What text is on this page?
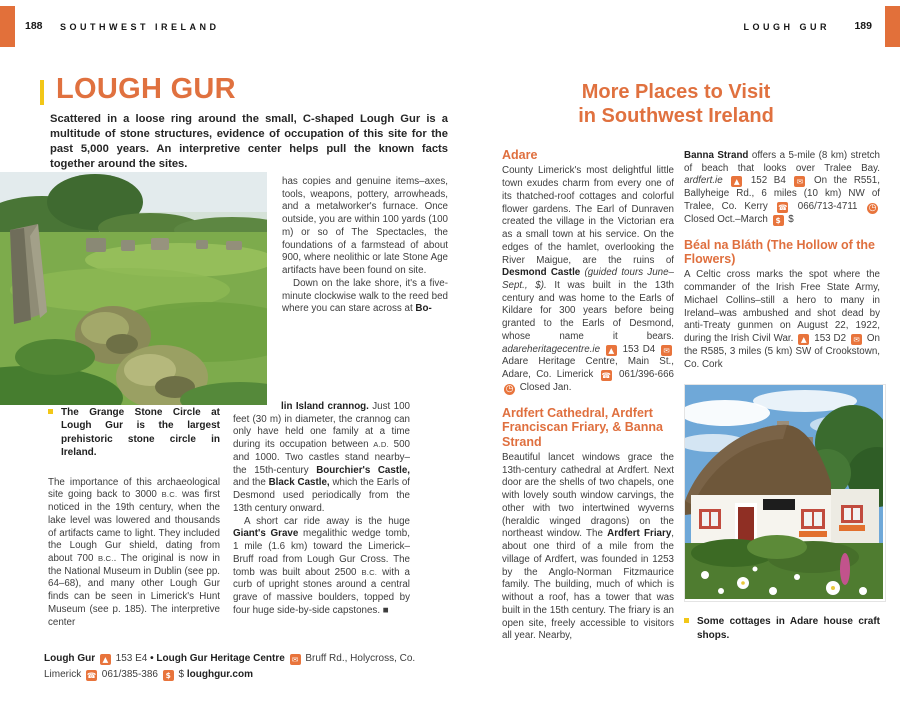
188 SOUTHWEST IRELAND	LOUGH GUR 189
LOUGH GUR

Scattered in a loose ring around the small, C-shaped Lough Gur is a multitude of stone structures, evidence of occupation of this site for the past 5,000 years. An interpretive center helps pull the known facts together around the sites.

has copies and genuine items–axes, tools, weapons, pottery, arrowheads, and a metalworker's furnace. Once outside, you are within 100 yards (100 m) or so of The Spectacles, the foundations of a farmstead of about 900, where neolithic or late Stone Age artifacts have been found on site.

Down on the lake shore, it's a five-minute clockwise walk to the reed bed where you can stare across at Bo-

The Grange Stone Circle at Lough Gur is the largest prehistoric stone circle in Ireland.

The importance of this archaeological site going back to 3000 B.C. was first noticed in the 19th century, when the lake level was lowered and thousands of artifacts came to light. They included the Lough Gur shield, dating from about 700 B.C.. The original is now in the National Museum in Dublin (see pp. 64–68), and many other Lough Gur finds can be seen in Limerick's Hunt Museum (see p. 185). The interpretive center

lin Island crannog. Just 100 feet (30 m) in diameter, the crannog can only have held one family at a time during its occupation between A.D. 500 and 1000. Two castles stand nearby– the 15th-century Bourchier's Castle, and the Black Castle, which the Earls of Desmond used periodically from the 13th century onward.

A short car ride away is the huge Giant's Grave megalithic wedge tomb, 1 mile (1.6 km) toward the Limerick–Bruff road from Lough Gur Cross. The tomb was built about 2500 B.C. with a curb of upright stones around a central grave of massive boulders, topped by four huge side-by-side capstones. ■

Lough Gur ▲ 153 E4 • Lough Gur Heritage Centre ✉ Bruff Rd., Holycross, Co. Limerick ☎ 061/385-386 $ $ loughgur.com
More Places to Visit
in Southwest Ireland
Adare

County Limerick's most delightful little town exudes charm from every one of its thatched-roof cottages and colorful flower gardens. The Earl of Dunraven created the village in the Victorian era as a small town at his service. On the edges of the hamlet, overlooking the River Maigue, are the ruins of Desmond Castle (guided tours June–Sept., $). It was built in the 13th century and was home to the Earls of Kildare for 300 years before being granted to the Earls of Desmond, whose name it bears. adareheritagecentre.ie ▲ 153 D4 ✉ Adare Heritage Centre, Main St., Adare, Co. Limerick ☎ 061/396-666 ◷ Closed Jan.

Ardfert Cathedral, Ardfert Franciscan Friary, & Banna Strand

Beautiful lancet windows grace the 13th-century cathedral at Ardfert. Next door are the shells of two chapels, one with lovely south window carvings, the other with two intertwined wyverns (heraldic winged dragons) on the northeast window. The Ardfert Friary, about one third of a mile from the village of Ardfert, was founded in 1253 by the Anglo-Norman Fitzmaurice family. The building, much of which is without a roof, has a tower that was built in the 15th century. The friary is an open site, freely accessible to visitors all year. Nearby,

Banna Strand offers a 5-mile (8 km) stretch of beach that looks over Tralee Bay. ardfert.ie ▲ 152 B4 ✉ On the R551, Ballyheige Rd., 6 miles (10 km) NW of Tralee, Co. Kerry ☎ 066/713-4711 ◷ Closed Oct.–March $ $

Béal na Bláth (The Hollow of the Flowers)

A Celtic cross marks the spot where the commander of the Irish Free State Army, Michael Collins–still a hero to many in Ireland–was ambushed and shot dead by anti-Treaty gunmen on August 22, 1922, during the Irish Civil War. ▲ 153 D2 ✉ On the R585, 3 miles (5 km) SW of Crookstown, Co. Cork

Some cottages in Adare house craft shops.
